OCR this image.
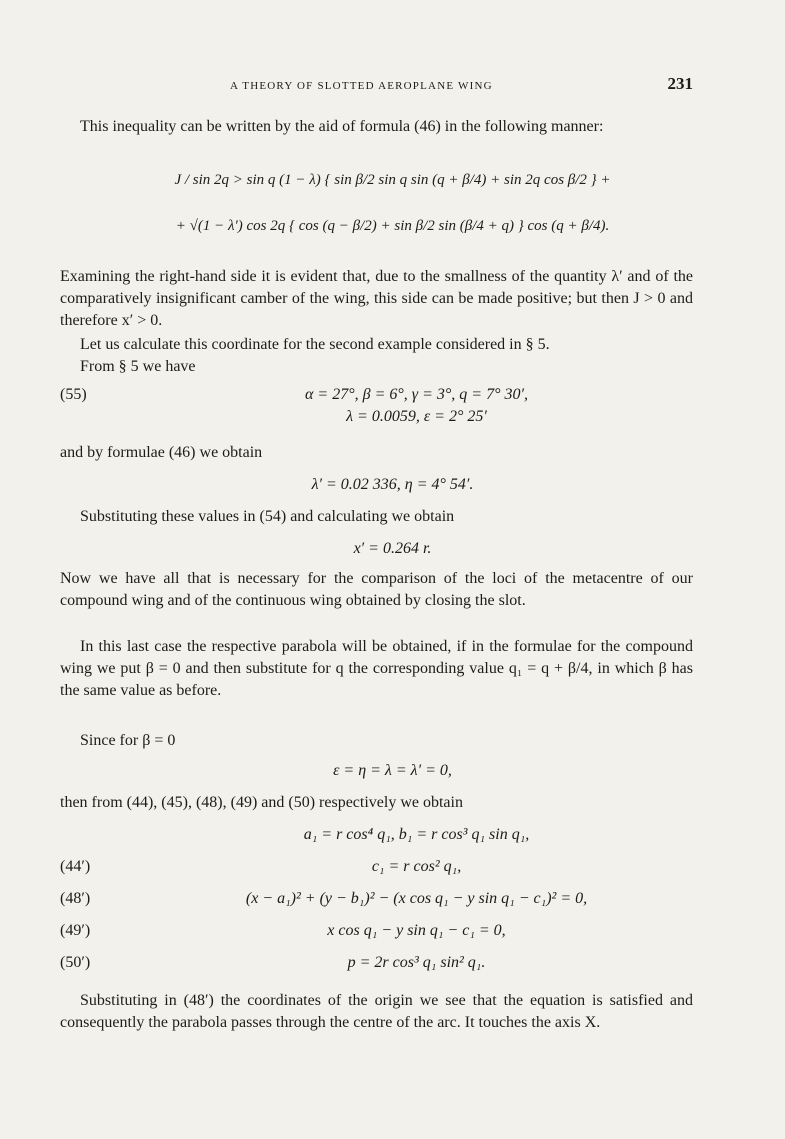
A THEORY OF SLOTTED AEROPLANE WING	231

This inequality can be written by the aid of formula (46) in the following manner:

J / sin 2q > sin q (1 − λ) { sin β/2 sin q sin (q + β/4) + sin 2q cos β/2 } +
+ √(1 − λ′) cos 2q { cos (q − β/2) + sin β/2 sin (β/4 + q) } cos (q + β/4).

Examining the right-hand side it is evident that, due to the smallness of the quantity λ′ and of the comparatively insignificant camber of the wing, this side can be made positive; but then J > 0 and therefore x′ > 0.

Let us calculate this coordinate for the second example considered in § 5.

From § 5 we have

(55)	α = 27°, β = 6°, γ = 3°, q = 7° 30′,
λ = 0.0059, ε = 2° 25′

and by formulae (46) we obtain

λ′ = 0.02 336, η = 4° 54′.

Substituting these values in (54) and calculating we obtain

x′ = 0.264 r.

Now we have all that is necessary for the comparison of the loci of the metacentre of our compound wing and of the continuous wing obtained by closing the slot.

In this last case the respective parabola will be obtained, if in the formulae for the compound wing we put β = 0 and then substitute for q the corresponding value q₁ = q + β/4, in which β has the same value as before.

Since for β = 0

ε = η = λ = λ′ = 0,

then from (44), (45), (48), (49) and (50) respectively we obtain

a₁ = r cos⁴ q₁, b₁ = r cos³ q₁ sin q₁,
(44′)	c₁ = r cos² q₁,
(48′)	(x − a₁)² + (y − b₁)² − (x cos q₁ − y sin q₁ − c₁)² = 0,
(49′)	x cos q₁ − y sin q₁ − c₁ = 0,
(50′)	p = 2r cos³ q₁ sin² q₁.

Substituting in (48′) the coordinates of the origin we see that the equation is satisfied and consequently the parabola passes through the centre of the arc. It touches the axis X.
